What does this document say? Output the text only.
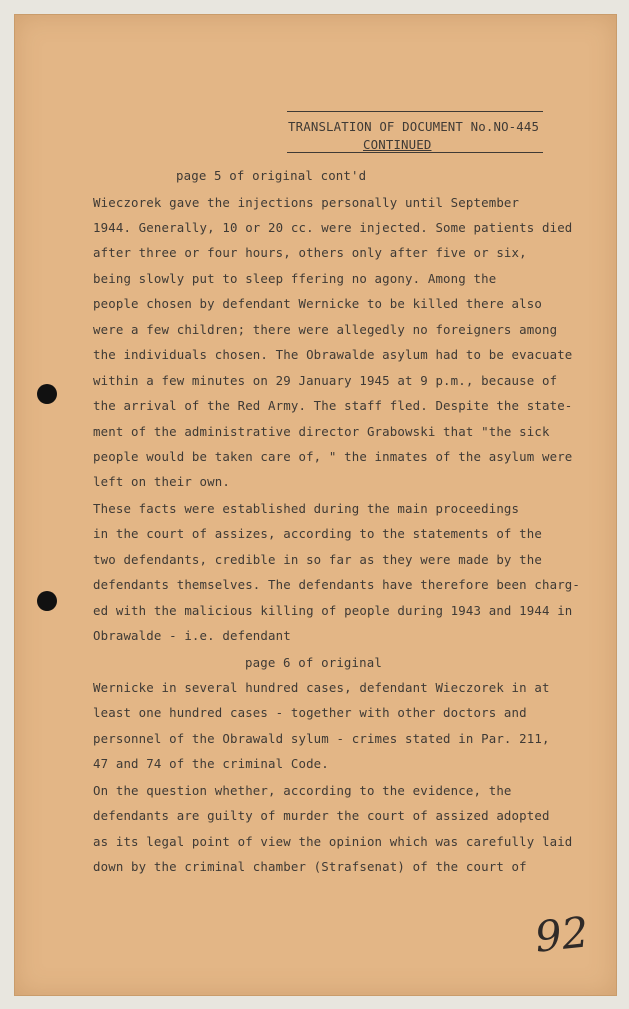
TRANSLATION OF DOCUMENT No.NO-445
CONTINUED
page 5 of original cont'd
Wieczorek gave the injections personally until September
1944. Generally, 10 or 20 cc. were injected. Some patients died
after three or four hours, others only after five or six,
being slowly put to sleep ffering no agony. Among the
people chosen by defendant Wernicke to be killed there also
were a few children; there were allegedly no foreigners among
the individuals chosen. The Obrawalde asylum had to be evacuate
within a few minutes on 29 January 1945 at 9 p.m., because of
the arrival of the Red Army. The staff fled. Despite the state-
ment of the administrative director Grabowski that "the sick
people would be taken care of, " the inmates of the asylum were
left on their own.
These facts were established during the main proceedings
in the court of assizes, according to the statements of the
two defendants, credible in so far as they were made by the
defendants themselves. The defendants have therefore been charg-
ed with the malicious killing of people during 1943 and 1944 in
Obrawalde - i.e. defendant
page 6 of original
Wernicke in several hundred cases, defendant Wieczorek in at
least one hundred cases - together with other doctors and
personnel of the Obrawald sylum - crimes stated in Par. 211,
47 and 74 of the criminal Code.
On the question whether, according to the evidence, the
defendants are guilty of murder the court of assized adopted
as its legal point of view the opinion which was carefully laid
down by the criminal chamber (Strafsenat) of the court of
92
